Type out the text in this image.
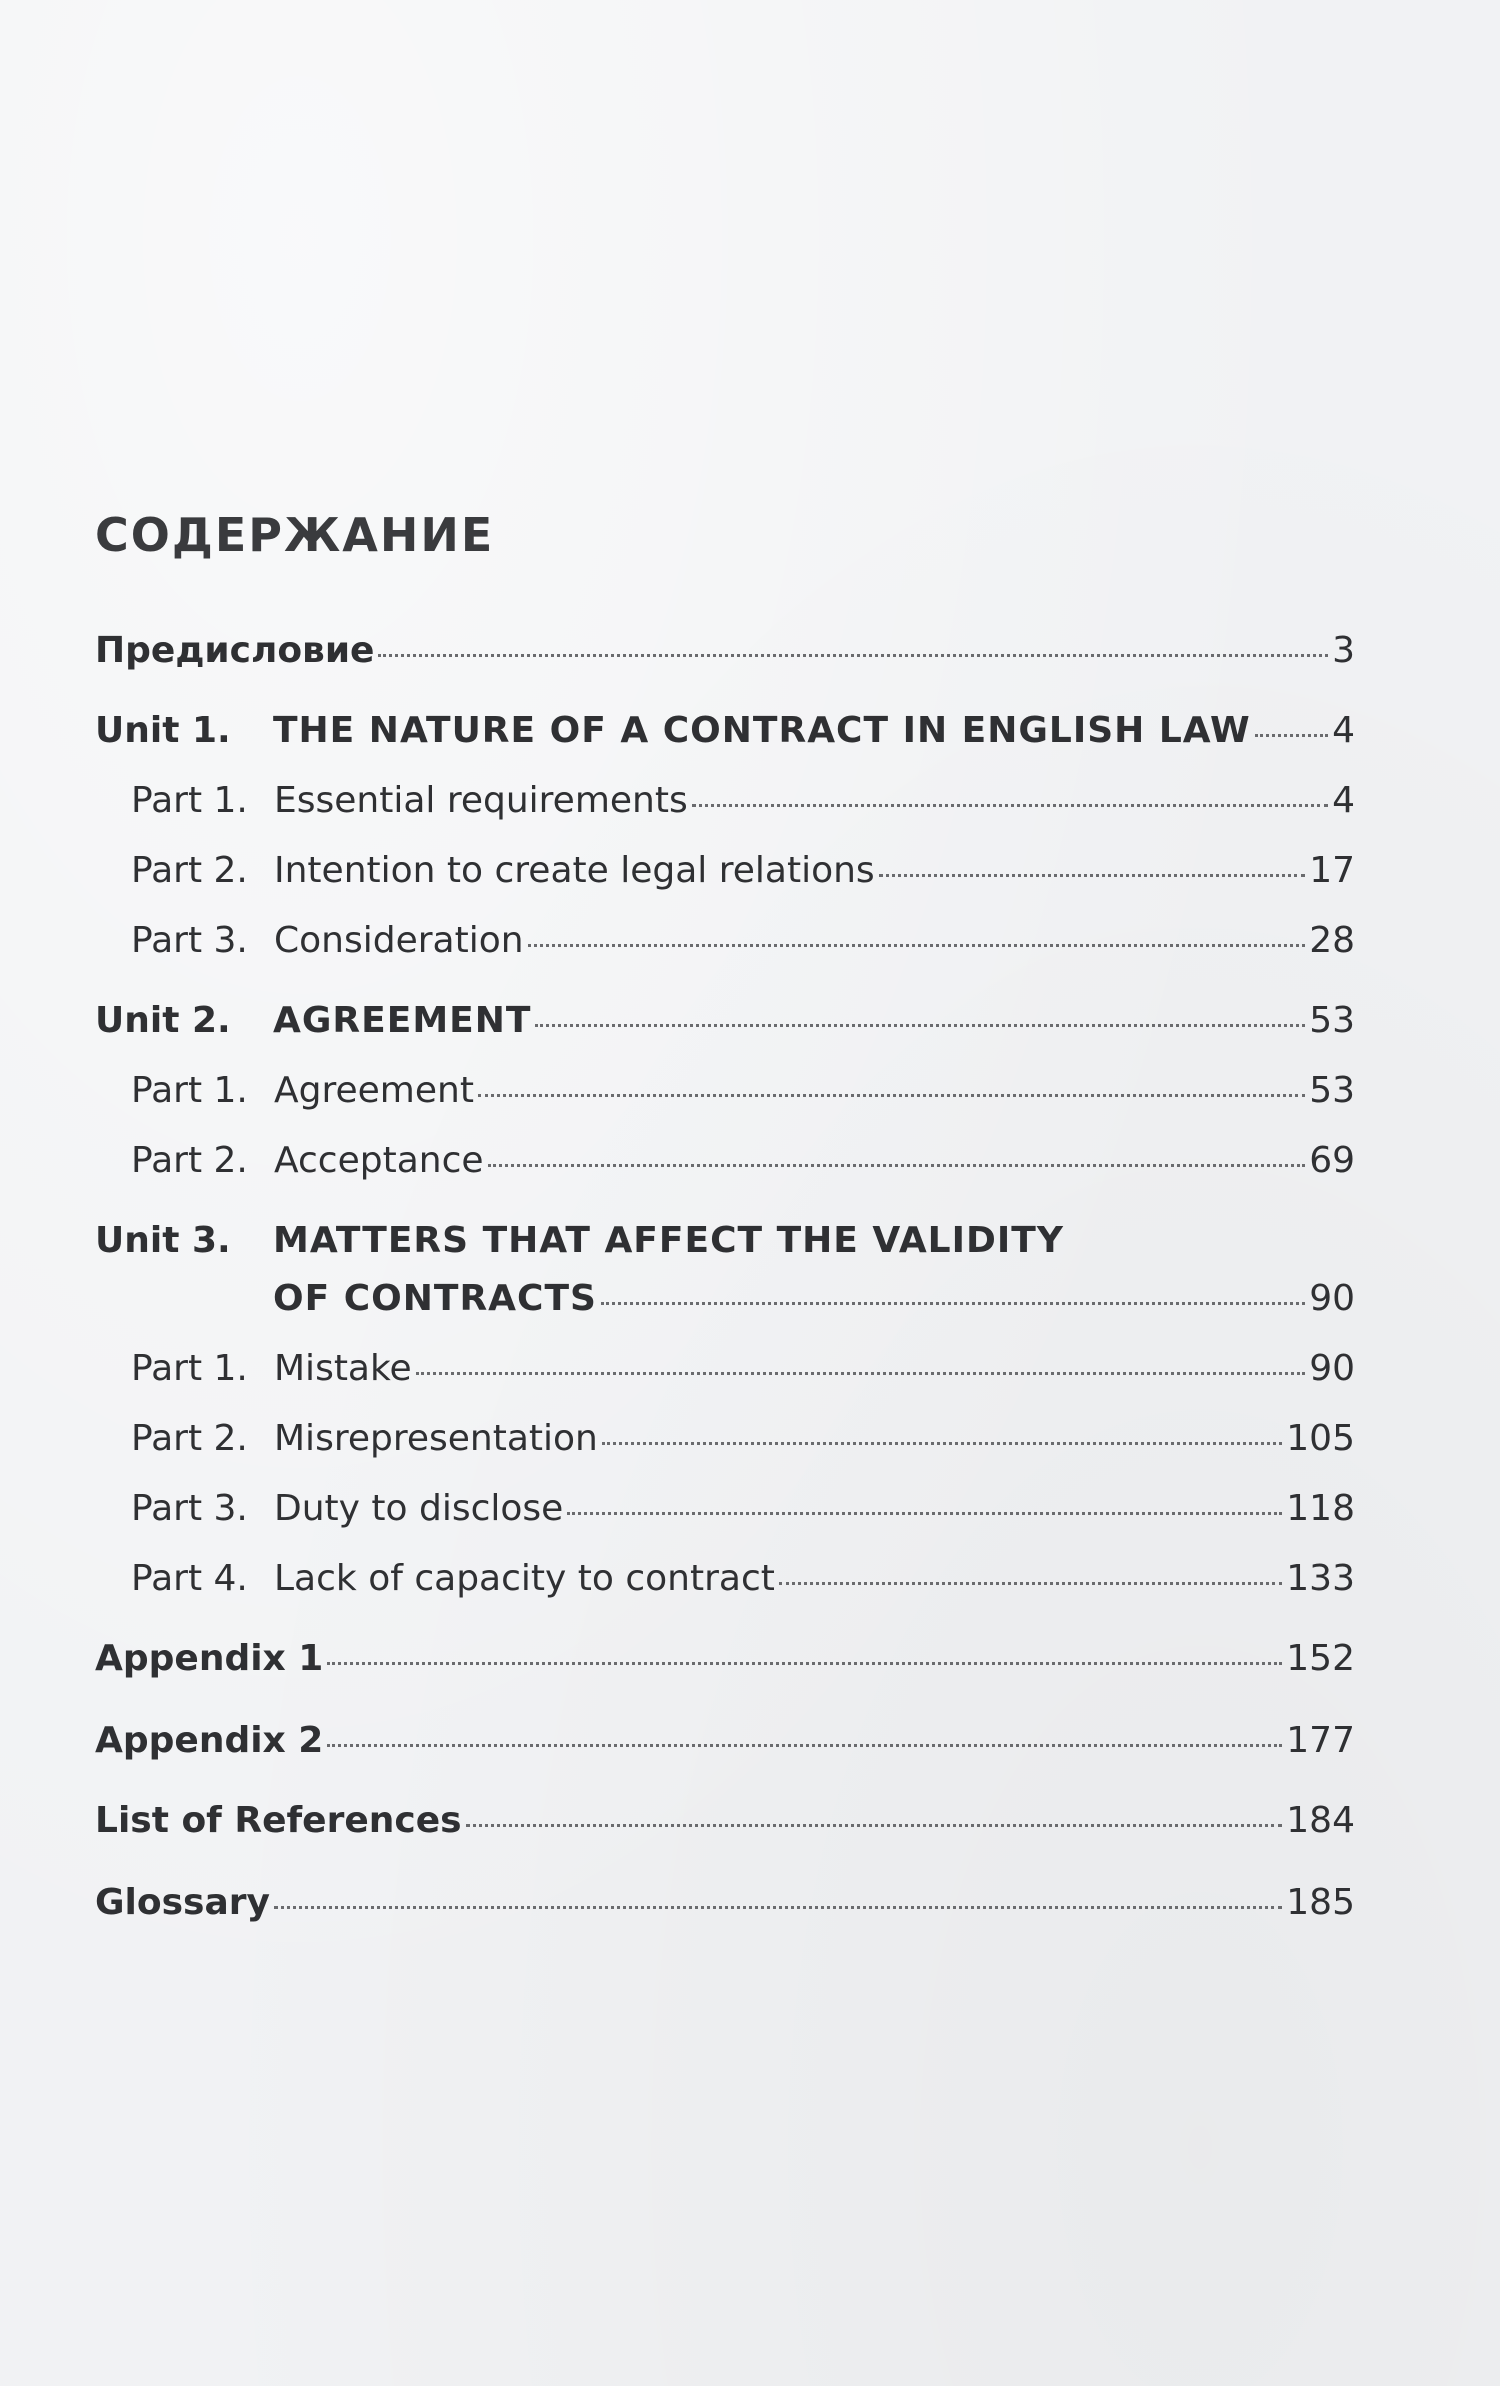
СОДЕРЖАНИЕ
Предисловие	3
Unit 1.	THE NATURE OF A CONTRACT IN ENGLISH LAW 4
Part 1. Essential requirements	4
Part 2. Intention to create legal relations	17
Part 3. Consideration	28
Unit 2.	AGREEMENT	53
Part 1. Agreement	53
Part 2. Acceptance	69
Unit 3.	MATTERS THAT AFFECT THE VALIDITY
OF CONTRACTS	90
Part 1. Mistake	90
Part 2. Misrepresentation	105
Part 3. Duty to disclose	118
Part 4. Lack of capacity to contract	133
Appendix 1	152
Appendix 2	177
List of References	184
Glossary	185
